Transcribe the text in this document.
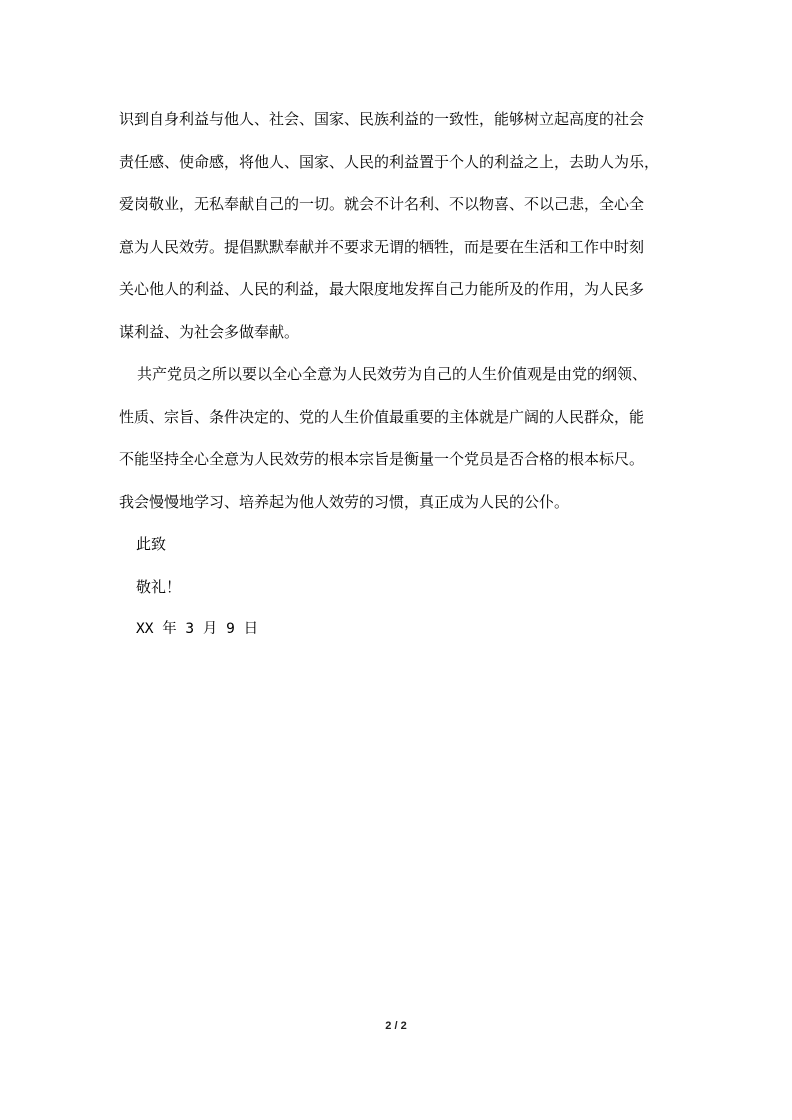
识到自身利益与他人、社会、国家、民族利益的一致性，能够树立起高度的社会
责任感、使命感，将他人、国家、人民的利益置于个人的利益之上，去助人为乐，
爱岗敬业，无私奉献自己的一切。就会不计名利、不以物喜、不以己悲，全心全
意为人民效劳。提倡默默奉献并不要求无谓的牺牲，而是要在生活和工作中时刻
关心他人的利益、人民的利益，最大限度地发挥自己力能所及的作用，为人民多
谋利益、为社会多做奉献。
共产党员之所以要以全心全意为人民效劳为自己的人生价值观是由党的纲领、
性质、宗旨、条件决定的、党的人生价值最重要的主体就是广阔的人民群众，能
不能坚持全心全意为人民效劳的根本宗旨是衡量一个党员是否合格的根本标尺。
我会慢慢地学习、培养起为他人效劳的习惯，真正成为人民的公仆。

此致

敬礼！

XX 年 3 月 9 日

2 / 2
